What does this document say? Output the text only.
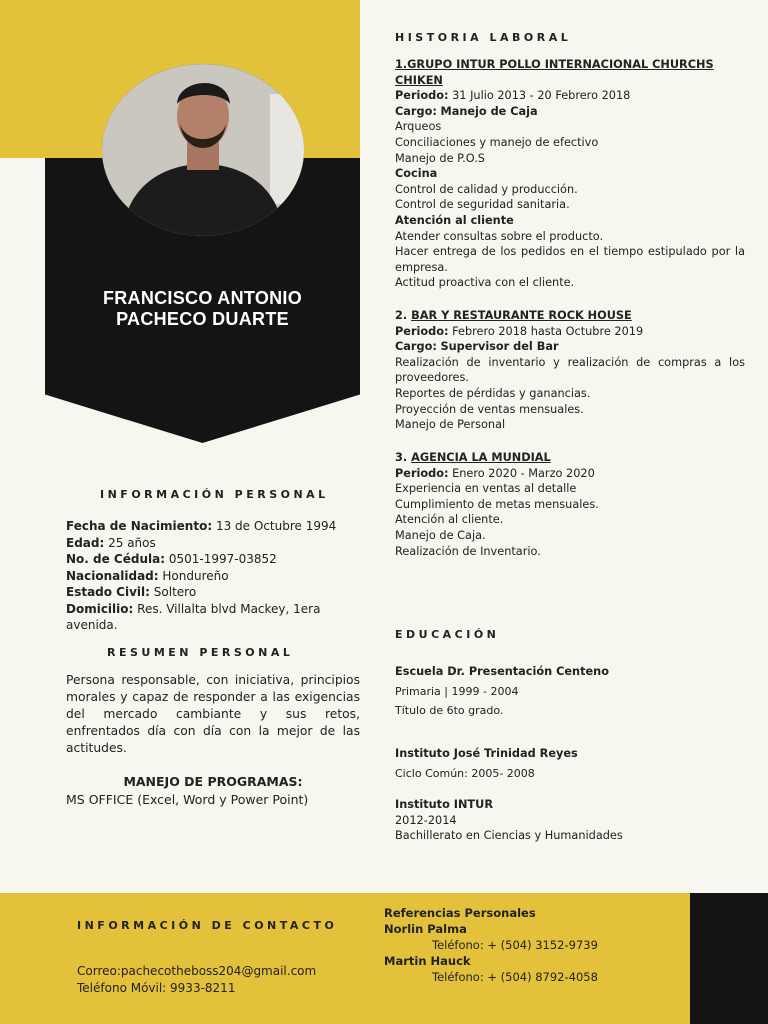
FRANCISCO ANTONIO
PACHECO DUARTE
INFORMACIÓN PERSONAL
Fecha de Nacimiento: 13 de Octubre 1994
Edad: 25 años
No. de Cédula: 0501-1997-03852
Nacionalidad: Hondureño
Estado Civil: Soltero
Domicilio: Res. Villalta blvd Mackey, 1era avenida.
RESUMEN PERSONAL
Persona responsable, con iniciativa, principios morales y capaz de responder a las exigencias del mercado cambiante y sus retos, enfrentados día con día con la mejor de las actitudes.
MANEJO DE PROGRAMAS:
MS OFFICE (Excel, Word y Power Point)
HISTORIA LABORAL
1.GRUPO INTUR POLLO INTERNACIONAL CHURCHS CHIKEN
Periodo: 31 Julio 2013 - 20 Febrero 2018
Cargo: Manejo de Caja
Arqueos
Conciliaciones y manejo de efectivo
Manejo de P.O.S
Cocina
Control de calidad y producción.
Control de seguridad sanitaria.
Atención al cliente
Atender consultas sobre el producto.
Hacer entrega de los pedidos en el tiempo estipulado por la empresa.
Actitud proactiva con el cliente.
2. BAR Y RESTAURANTE ROCK HOUSE
Periodo: Febrero 2018 hasta Octubre 2019
Cargo: Supervisor del Bar
Realización de inventario y realización de compras a los proveedores.
Reportes de pérdidas y ganancias.
Proyección de ventas mensuales.
Manejo de Personal
3. AGENCIA LA MUNDIAL
Periodo: Enero 2020 - Marzo 2020
Experiencia en ventas al detalle
Cumplimiento de metas mensuales.
Atención al cliente.
Manejo de Caja.
Realización de Inventario.
EDUCACIÓN
Escuela Dr. Presentación Centeno
Primaria | 1999 - 2004
Título de 6to grado.
Instituto José Trinidad Reyes
Ciclo Común: 2005- 2008
Instituto INTUR
2012-2014
Bachillerato en Ciencias y Humanidades
INFORMACIÓN DE CONTACTO
Correo:pachecotheboss204@gmail.com
Teléfono Móvil: 9933-8211
Referencias Personales
Norlin Palma
Teléfono: + (504) 3152-9739
Martin Hauck
Teléfono: + (504) 8792-4058
